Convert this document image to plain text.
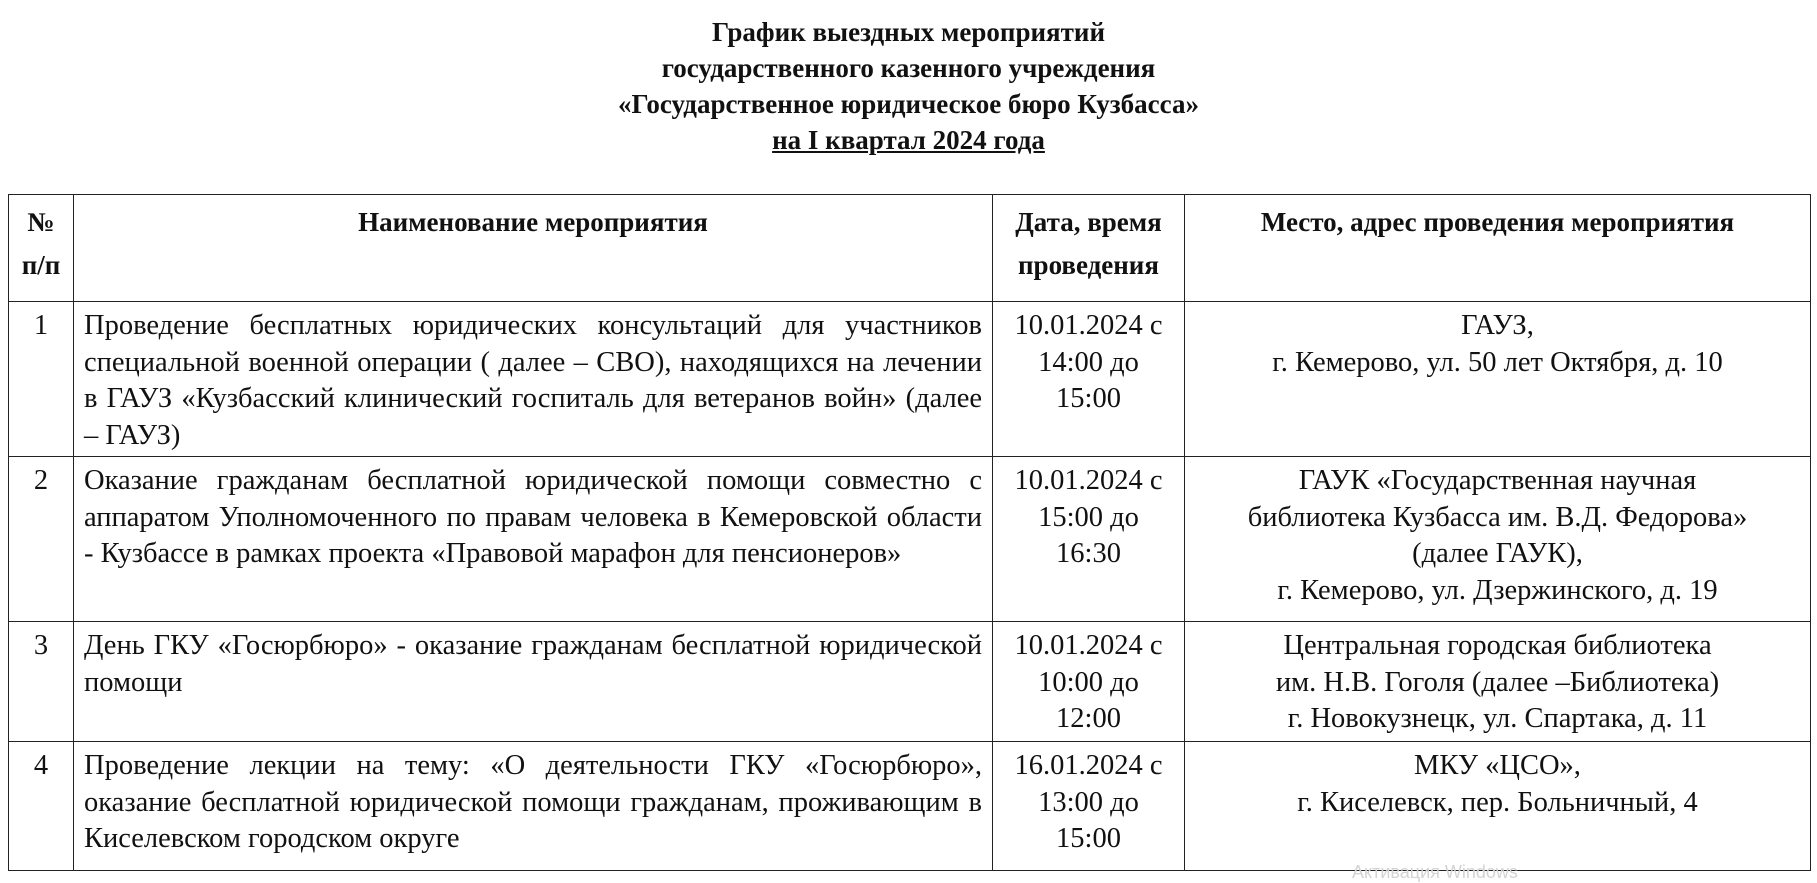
График выездных мероприятий
государственного казенного учреждения
«Государственное юридическое бюро Кузбасса»
на I квартал 2024 года
№ п/п	Наименование мероприятия	Дата, время проведения	Место, адрес проведения мероприятия
1	Проведение бесплатных юридических консультаций для участников специальной военной операции ( далее – СВО), находящихся на лечении в ГАУЗ «Кузбасский клинический госпиталь для ветеранов войн» (далее – ГАУЗ)	10.01.2024 с 14:00 до 15:00	ГАУЗ,
г. Кемерово, ул. 50 лет Октября, д. 10

2	Оказание гражданам бесплатной юридической помощи совместно с аппаратом Уполномоченного по правам человека в Кемеровской области - Кузбассе в рамках проекта «Правовой марафон для пенсионеров»	10.01.2024 с 15:00 до 16:30	ГАУК «Государственная научная
библиотека Кузбасса им. В.Д. Федорова»
(далее ГАУК),
г. Кемерово, ул. Дзержинского, д. 19

3	День ГКУ «Госюрбюро» - оказание гражданам бесплатной юридической помощи	10.01.2024 с 10:00 до 12:00	Центральная городская библиотека
им. Н.В. Гоголя (далее –Библиотека)
г. Новокузнецк, ул. Спартака, д. 11

4	Проведение лекции на тему: «О деятельности ГКУ «Госюрбюро», оказание бесплатной юридической помощи гражданам, проживающим в Киселевском городском округе	16.01.2024 с 13:00 до 15:00	МКУ «ЦСО»,
г. Киселевск, пер. Больничный, 4
Активация Windows
